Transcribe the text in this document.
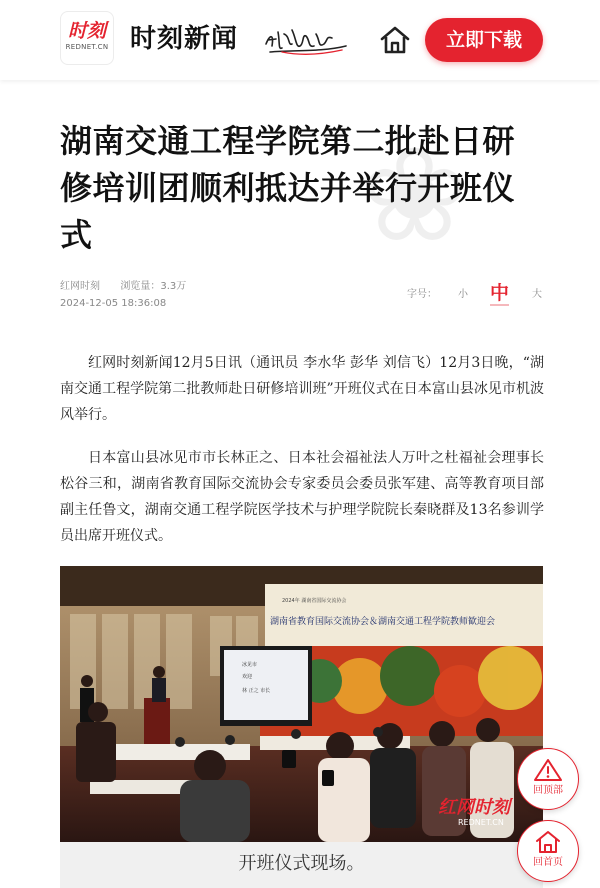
时刻
REDNET.CN 时刻新闻	立即下载
❀
湖南交通工程学院第二批赴日研修培训团顺利抵达并举行开班仪式
红网时刻 浏览量：3.3万
2024-12-05 18:36:08
字号： 小 中 大

红网时刻新闻12月5日讯（通讯员 李水华 彭华 刘信飞）12月3日晚，“湖南交通工程学院第二批教师赴日研修培训班”开班仪式在日本富山县冰见市机波风举行。

日本富山县冰见市市长林正之、日本社会福祉法人万叶之杜福祉会理事长松谷三和，湖南省教育国际交流协会专家委员会委员张军建、高等教育项目部副主任鲁文，湖南交通工程学院医学技术与护理学院院长秦晓群及13名参训学员出席开班仪式。

湖南省教育国际交流协会＆湖南交通工程学院教师歓迎会
2024年 湖南省国际交流协会
冰见市
欢迎
林 正之 市长
红网时刻
REDNET.CN
开班仪式现场。
回顶部
回首页
